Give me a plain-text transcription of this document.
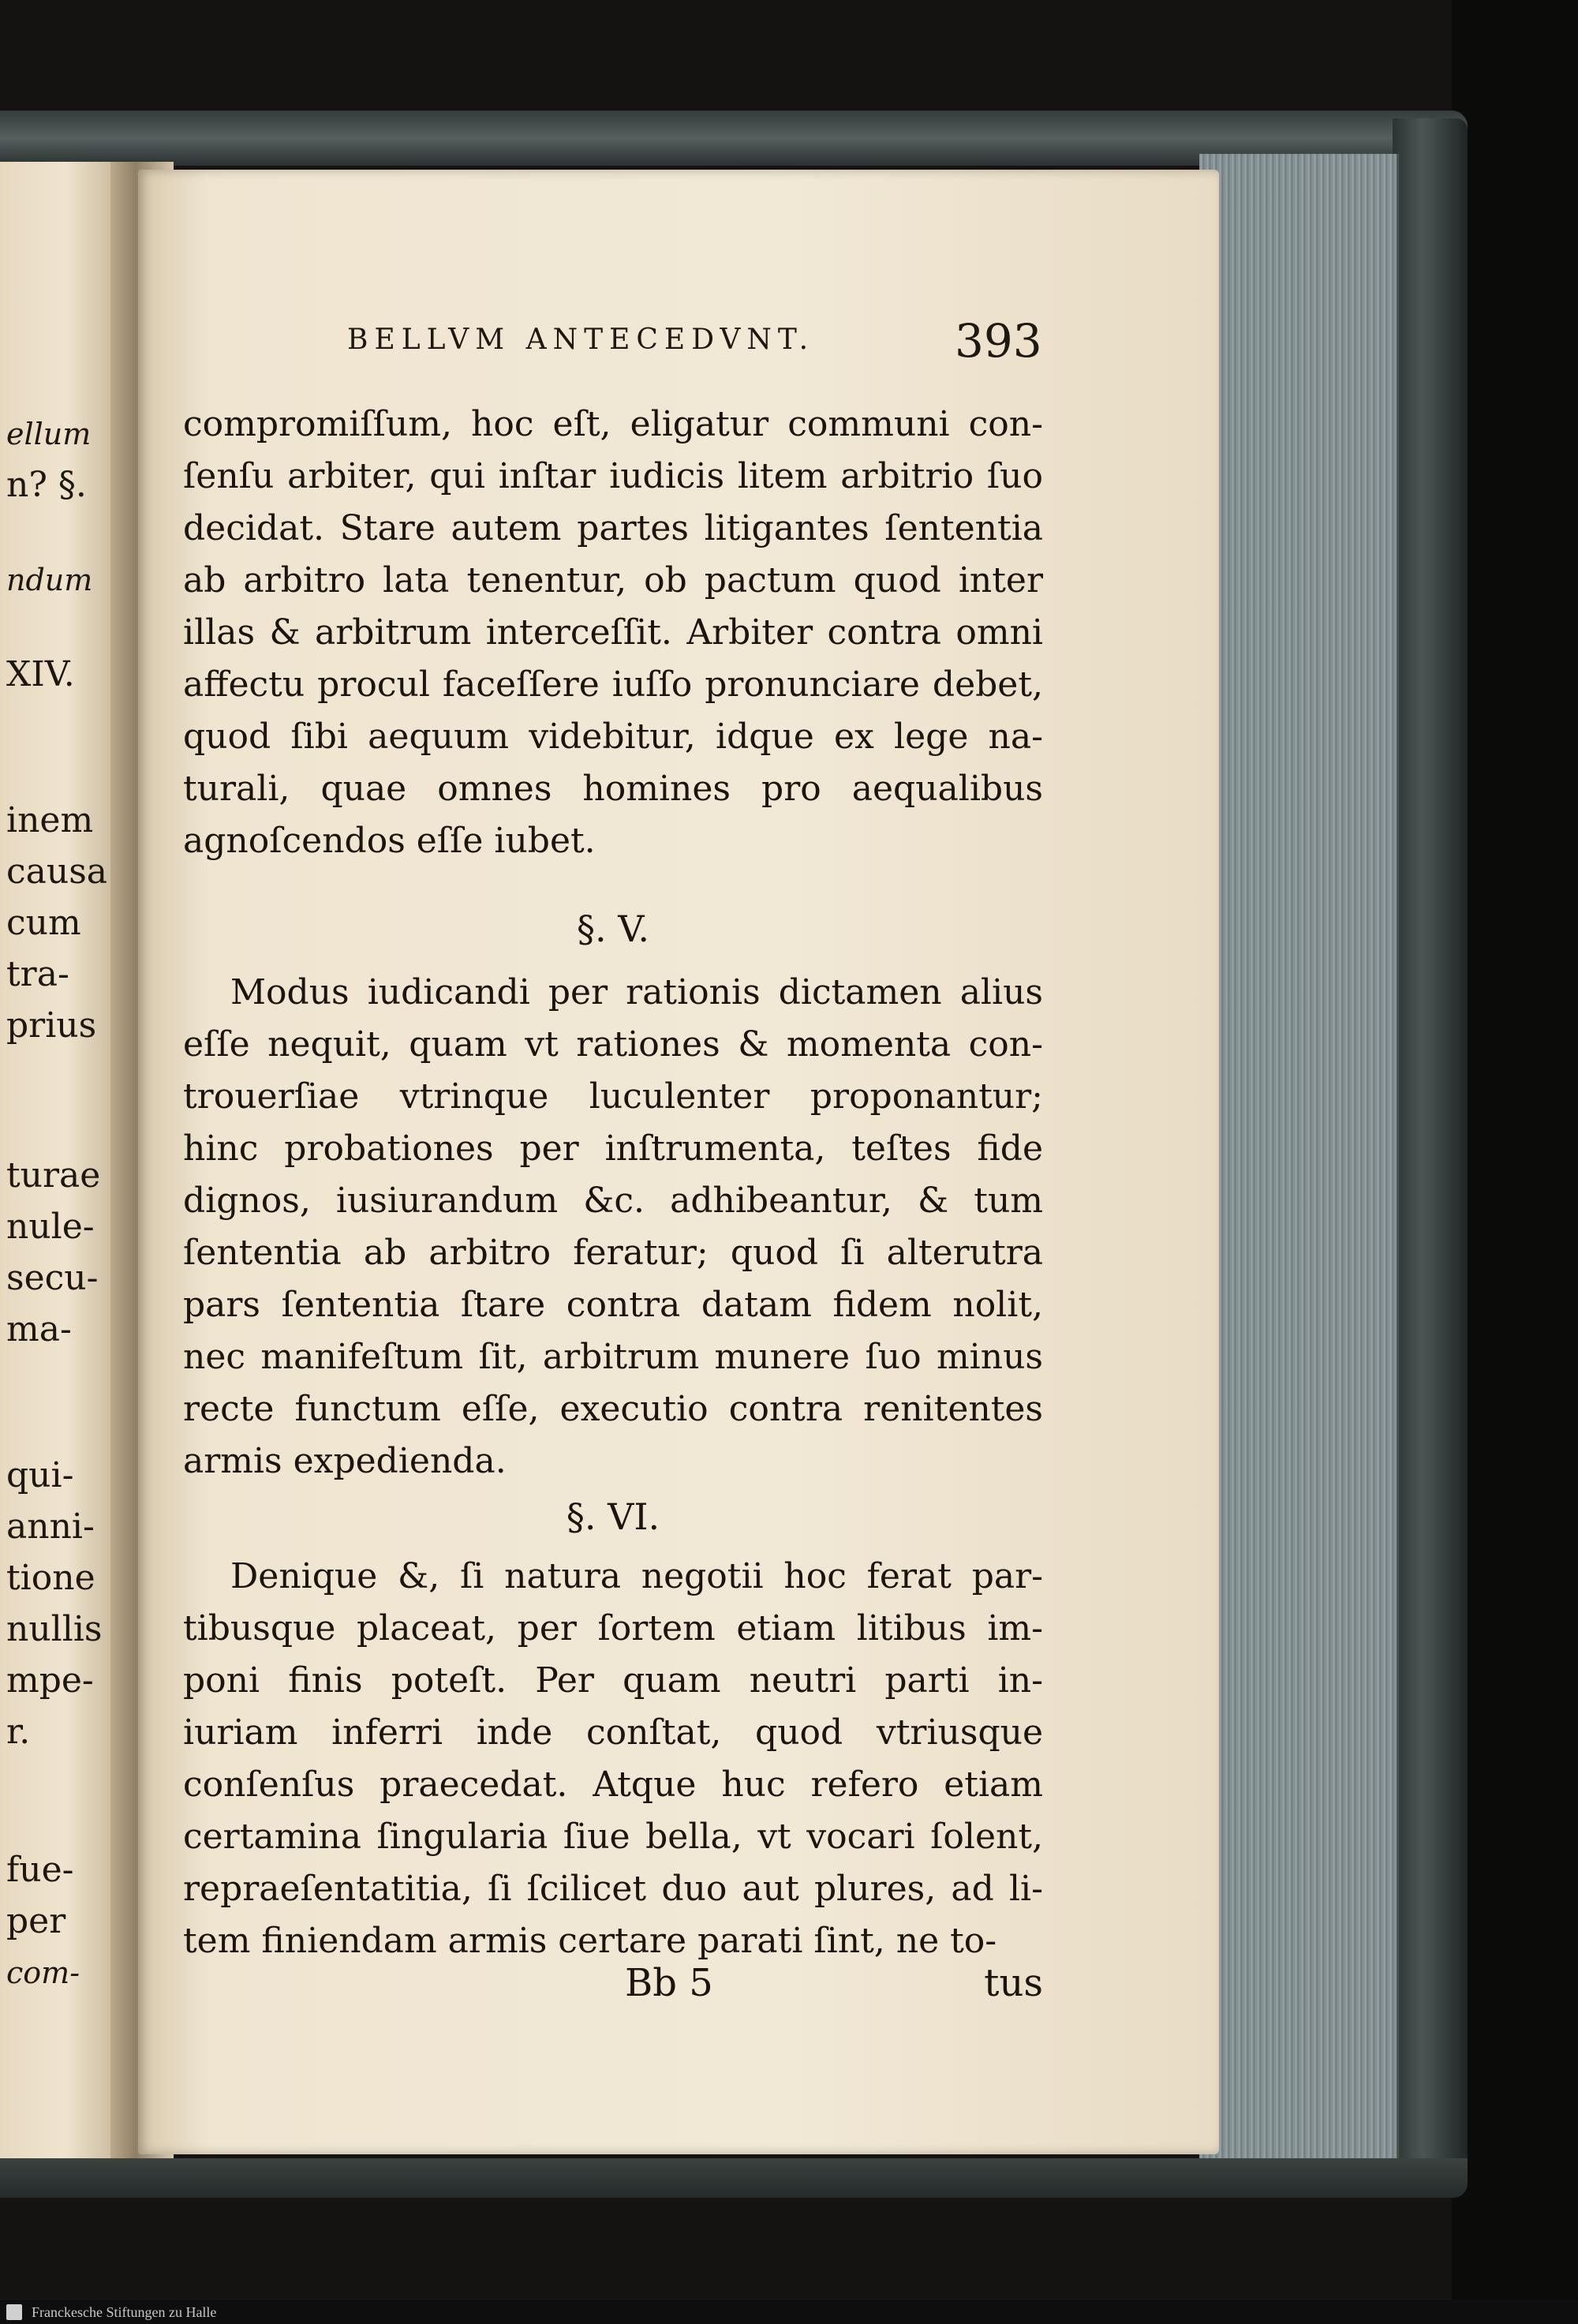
ellum
n? §.
ndum
XIV.
inem
causa
cum
tra-
prius
turae
nule-
secu-
ma-
qui-
anni-
tione
nullis
mpe-
r.
fue-
per
com-
BELLVM ANTECEDVNT.	393
compromiſſum, hoc eſt, eligatur communi con-
ſenſu arbiter, qui inſtar iudicis litem arbitrio ſuo
decidat. Stare autem partes litigantes ſententia
ab arbitro lata tenentur, ob pactum quod inter
illas & arbitrum interceſſit. Arbiter contra omni
affectu procul faceſſere iuſſo pronunciare debet,
quod ſibi aequum videbitur, idque ex lege na-
turali, quae omnes homines pro aequalibus
agnoſcendos eſſe iubet.
§. V.
Modus iudicandi per rationis dictamen alius
eſſe nequit, quam vt rationes & momenta con-
trouerſiae vtrinque luculenter proponantur;
hinc probationes per inſtrumenta, teſtes fide
dignos, iusiurandum &c. adhibeantur, & tum
ſententia ab arbitro feratur; quod ſi alterutra
pars ſententia ſtare contra datam fidem nolit,
nec manifeſtum ſit, arbitrum munere ſuo minus
recte functum eſſe, executio contra renitentes
armis expedienda.
§. VI.
Denique &, ſi natura negotii hoc ferat par-
tibusque placeat, per ſortem etiam litibus im-
poni finis poteſt. Per quam neutri parti in-
iuriam inferri inde conſtat, quod vtriusque
conſenſus praecedat. Atque huc refero etiam
certamina ſingularia ſiue bella, vt vocari ſolent,
repraeſentatitia, ſi ſcilicet duo aut plures, ad li-
tem finiendam armis certare parati ſint, ne to-
Bb 5	tus
Franckesche Stiftungen zu Halle
